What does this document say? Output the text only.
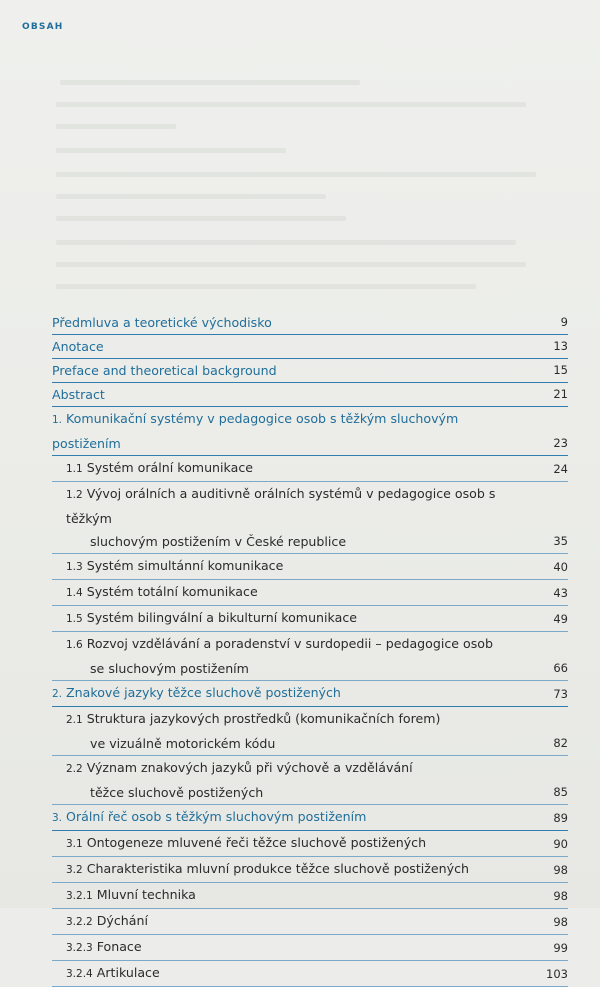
OBSAH
Předmluva a teoretické východisko	9
Anotace	13
Preface and theoretical background	15
Abstract	21
1. Komunikační systémy v pedagogice osob s těžkým sluchovým postižením	23
1.1 Systém orální komunikace	24
1.2 Vývoj orálních a auditivně orálních systémů v pedagogice osob s těžkým
sluchovým postižením v České republice	35
1.3 Systém simultánní komunikace	40
1.4 Systém totální komunikace	43
1.5 Systém bilingvální a bikulturní komunikace	49
1.6 Rozvoj vzdělávání a poradenství v surdopedii – pedagogice osob
se sluchovým postižením	66
2. Znakové jazyky těžce sluchově postižených	73
2.1 Struktura jazykových prostředků (komunikačních forem)
ve vizuálně motorickém kódu	82
2.2 Význam znakových jazyků při výchově a vzdělávání
těžce sluchově postižených	85
3. Orální řeč osob s těžkým sluchovým postižením	89
3.1 Ontogeneze mluvené řeči těžce sluchově postižených	90
3.2 Charakteristika mluvní produkce těžce sluchově postižených	98
3.2.1 Mluvní technika	98
3.2.2 Dýchání	98
3.2.3 Fonace	99
3.2.4 Artikulace	103
